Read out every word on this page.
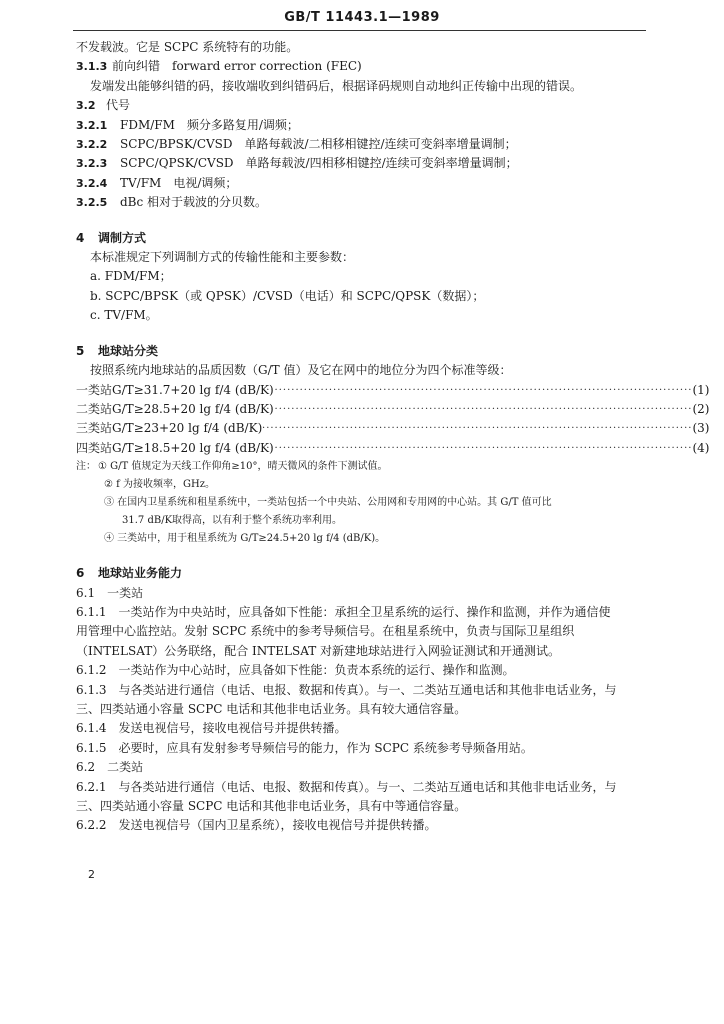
GB/T 11443.1—1989
不发载波。它是 SCPC 系统特有的功能。
3.1.3 前向纠错　forward error correction (FEC)
发端发出能够纠错的码，接收端收到纠错码后，根据译码规则自动地纠正传输中出现的错误。
3.2 代号
3.2.1 FDM/FM　频分多路复用/调频；
3.2.2 SCPC/BPSK/CVSD　单路每载波/二相移相键控/连续可变斜率增量调制；
3.2.3 SCPC/QPSK/CVSD　单路每载波/四相移相键控/连续可变斜率增量调制；
3.2.4 TV/FM　电视/调频；
3.2.5 dBc 相对于载波的分贝数。
4 调制方式
本标准规定下列调制方式的传输性能和主要参数：
a. FDM/FM；
b. SCPC/BPSK（或 QPSK）/CVSD（电话）和 SCPC/QPSK（数据）；
c. TV/FM。
5 地球站分类
按照系统内地球站的品质因数（G/T 值）及它在网中的地位分为四个标准等级：
一类站 G/T≥31.7+20 lg f/4 (dB/K)
······································································································· (1)
二类站 G/T≥28.5+20 lg f/4 (dB/K)
······································································································· (2)
三类站 G/T≥23+20 lg f/4 (dB/K) ······································································································· (3)
四类站 G/T≥18.5+20 lg f/4 (dB/K)
······································································································· (4)
注： ① G/T 值规定为天线工作仰角≥10°，晴天微风的条件下测试值。
② f 为接收频率，GHz。
③ 在国内卫星系统和租星系统中，一类站包括一个中央站、公用网和专用网的中心站。其 G/T 值可比
31.7 dB/K取得高，以有利于整个系统功率利用。
④ 三类站中，用于租星系统为 G/T≥24.5+20 lg f/4 (dB/K)。
6 地球站业务能力
6.1　一类站
6.1.1　一类站作为中央站时，应具备如下性能：承担全卫星系统的运行、操作和监测，并作为通信使
用管理中心监控站。发射 SCPC 系统中的参考导频信号。在租星系统中，负责与国际卫星组织
（INTELSAT）公务联络，配合 INTELSAT 对新建地球站进行入网验证测试和开通测试。
6.1.2　一类站作为中心站时，应具备如下性能：负责本系统的运行、操作和监测。
6.1.3　与各类站进行通信（电话、电报、数据和传真）。与一、二类站互通电话和其他非电话业务，与
三、四类站通小容量 SCPC 电话和其他非电话业务。具有较大通信容量。
6.1.4　发送电视信号，接收电视信号并提供转播。
6.1.5　必要时，应具有发射参考导频信号的能力，作为 SCPC 系统参考导频备用站。
6.2　二类站
6.2.1　与各类站进行通信（电话、电报、数据和传真）。与一、二类站互通电话和其他非电话业务，与
三、四类站通小容量 SCPC 电话和其他非电话业务，具有中等通信容量。
6.2.2　发送电视信号（国内卫星系统），接收电视信号并提供转播。
2
